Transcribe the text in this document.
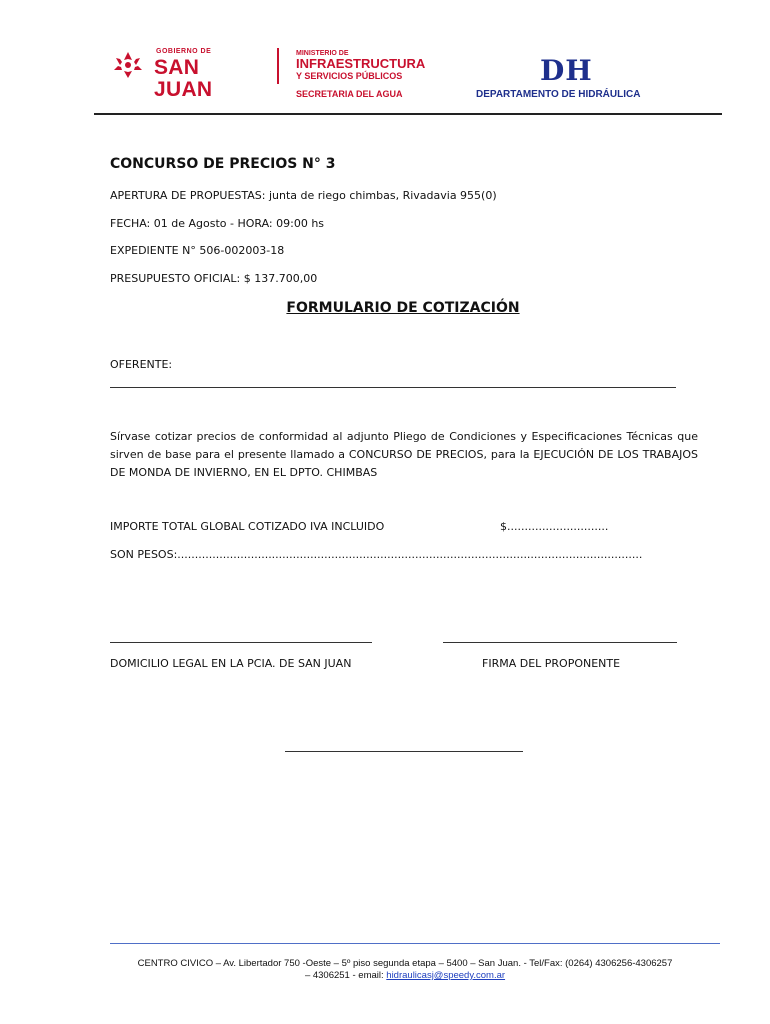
GOBIERNO DE
SAN JUAN
MINISTERIO DE
INFRAESTRUCTURA
Y SERVICIOS PÚBLICOS
SECRETARIA DEL AGUA
DH
DEPARTAMENTO DE HIDRÁULICA
CONCURSO DE PRECIOS N° 3
APERTURA DE PROPUESTAS: junta de riego chimbas, Rivadavia 955(0)
FECHA: 01 de Agosto - HORA: 09:00 hs
EXPEDIENTE N° 506-002003-18
PRESUPUESTO OFICIAL: $ 137.700,00
FORMULARIO DE COTIZACIÓN
OFERENTE:
Sírvase cotizar precios de conformidad al adjunto Pliego de Condiciones y Especificaciones Técnicas que sirven de base para el presente llamado a CONCURSO DE PRECIOS, para la EJECUCIÓN DE LOS TRABAJOS DE MONDA DE INVIERNO, EN EL DPTO. CHIMBAS
IMPORTE TOTAL GLOBAL COTIZADO IVA INCLUIDO	$.............................
SON PESOS:.....................................................................................................................................
DOMICILIO LEGAL EN LA PCIA. DE SAN JUAN	FIRMA DEL PROPONENTE
CENTRO CIVICO – Av. Libertador 750 -Oeste – 5º piso segunda etapa – 5400 – San Juan. - Tel/Fax: (0264) 4306256-4306257
– 4306251 - email: hidraulicasj@speedy.com.ar
